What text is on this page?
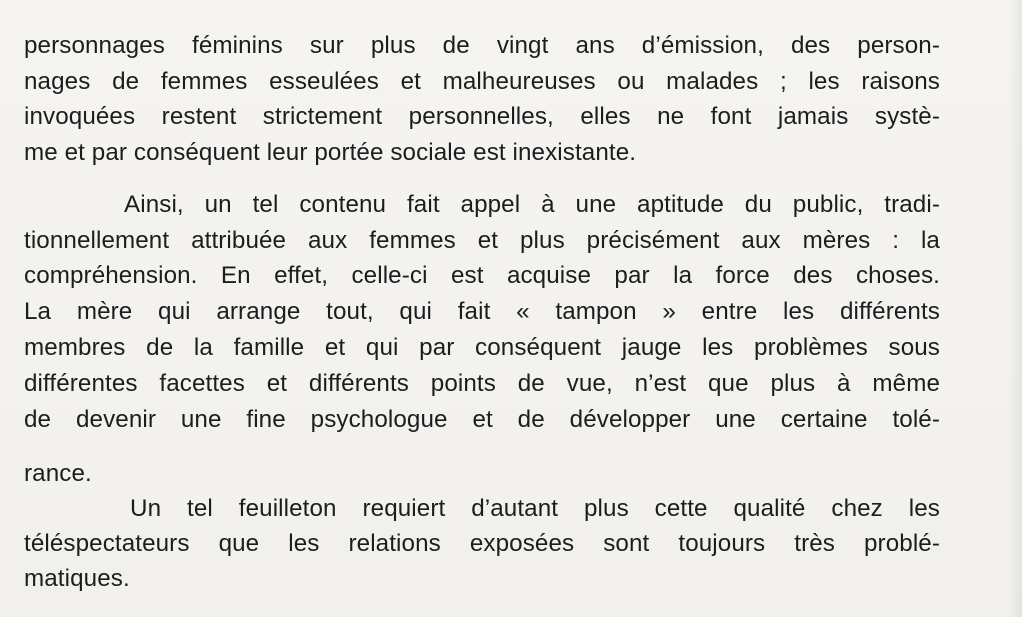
personnages féminins sur plus de vingt ans d’émission, des person-
nages de femmes esseulées et malheureuses ou malades ; les raisons
invoquées restent strictement personnelles, elles ne font jamais systè-
me et par conséquent leur portée sociale est inexistante.
Ainsi, un tel contenu fait appel à une aptitude du public, tradi-
tionnellement attribuée aux femmes et plus précisément aux mères : la
compréhension. En effet, celle-ci est acquise par la force des choses.
La mère qui arrange tout, qui fait « tampon » entre les différents
membres de la famille et qui par conséquent jauge les problèmes sous
différentes facettes et différents points de vue, n’est que plus à même
de devenir une fine psychologue et de développer une certaine tolé-
rance.
Un tel feuilleton requiert d’autant plus cette qualité chez les
téléspectateurs que les relations exposées sont toujours très problé-
matiques.
